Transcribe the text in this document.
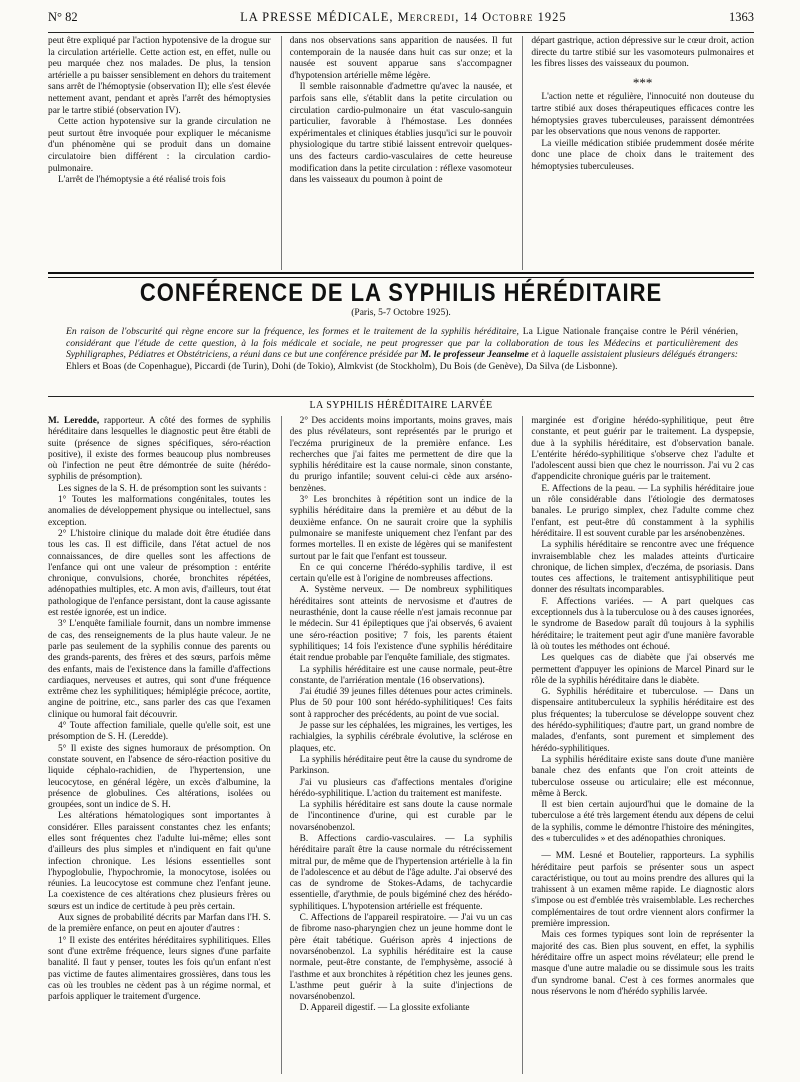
N° 82	LA PRESSE MÉDICALE, Mercredi, 14 Octobre 1925	1363

peut être expliqué par l'action hypotensive de la drogue sur la circulation artérielle. Cette action est, en effet, nulle ou peu marquée chez nos malades. De plus, la tension artérielle a pu baisser sensiblement en dehors du traitement sans arrêt de l'hémoptysie (observation II); elle s'est élevée nettement avant, pendant et après l'arrêt des hémoptysies par le tartre stibié (observation IV).

Cette action hypotensive sur la grande circulation ne peut surtout être invoquée pour expliquer le mécanisme d'un phénomène qui se produit dans un domaine circulatoire bien différent : la circulation cardio-pulmonaire.

L'arrêt de l'hémoptysie a été réalisé trois fois

dans nos observations sans apparition de nausées. Il fut contemporain de la nausée dans huit cas sur onze; et la nausée est souvent apparue sans s'accompagner d'hypotension artérielle même légère.

Il semble raisonnable d'admettre qu'avec la nausée, et parfois sans elle, s'établit dans la petite circulation ou circulation cardio-pulmonaire un état vasculo-sanguin particulier, favorable à l'hémostase. Les données expérimentales et cliniques établies jusqu'ici sur le pouvoir physiologique du tartre stibié laissent entrevoir quelques-uns des facteurs cardio-vasculaires de cette heureuse modification dans la petite circulation : réflexe vasomoteur dans les vaisseaux du poumon à point de

départ gastrique, action dépressive sur le cœur droit, action directe du tartre stibié sur les vasomoteurs pulmonaires et les fibres lisses des vaisseaux du poumon.

***

L'action nette et régulière, l'innocuité non douteuse du tartre stibié aux doses thérapeutiques efficaces contre les hémoptysies graves tuberculeuses, paraissent démontrées par les observations que nous venons de rapporter.

La vieille médication stibiée prudemment dosée mérite donc une place de choix dans le traitement des hémoptysies tuberculeuses.

CONFÉRENCE DE LA SYPHILIS HÉRÉDITAIRE
(Paris, 5-7 Octobre 1925).
En raison de l'obscurité qui règne encore sur la fréquence, les formes et le traitement de la syphilis héréditaire, La Ligue Nationale française contre le Péril vénérien, considérant que l'étude de cette question, à la fois médicale et sociale, ne peut progresser que par la collaboration de tous les Médecins et particulièrement des Syphiligraphes, Pédiatres et Obstétriciens, a réuni dans ce but une conférence présidée par M. le professeur Jeanselme et à laquelle assistaient plusieurs délégués étrangers: Ehlers et Boas (de Copenhague), Piccardi (de Turin), Dohi (de Tokio), Almkvist (de Stockholm), Du Bois (de Genève), Da Silva (de Lisbonne).
LA SYPHILIS HÉRÉDITAIRE LARVÉE

M. Leredde, rapporteur. A côté des formes de syphilis héréditaire dans lesquelles le diagnostic peut être établi de suite (présence de signes spécifiques, séro-réaction positive), il existe des formes beaucoup plus nombreuses où l'infection ne peut être démontrée de suite (hérédo-syphilis de présomption).

Les signes de la S. H. de présomption sont les suivants :

1° Toutes les malformations congénitales, toutes les anomalies de développement physique ou intellectuel, sans exception.

2° L'histoire clinique du malade doit être étudiée dans tous les cas. Il est difficile, dans l'état actuel de nos connaissances, de dire quelles sont les affections de l'enfance qui ont une valeur de présomption : entérite chronique, convulsions, chorée, bronchites répétées, adénopathies multiples, etc. A mon avis, d'ailleurs, tout état pathologique de l'enfance persistant, dont la cause agissante est restée ignorée, est un indice.

3° L'enquête familiale fournit, dans un nombre immense de cas, des renseignements de la plus haute valeur. Je ne parle pas seulement de la syphilis connue des parents ou des grands-parents, des frères et des sœurs, parfois même des enfants, mais de l'existence dans la famille d'affections cardiaques, nerveuses et autres, qui sont d'une fréquence extrême chez les syphilitiques; hémiplégie précoce, aortite, angine de poitrine, etc., sans parler des cas que l'examen clinique ou humoral fait découvrir.

4° Toute affection familiale, quelle qu'elle soit, est une présomption de S. H. (Leredde).

5° Il existe des signes humoraux de présomption. On constate souvent, en l'absence de séro-réaction positive du liquide céphalo-rachidien, de l'hypertension, une leucocytose, en général légère, un excès d'albumine, la présence de globulines. Ces altérations, isolées ou groupées, sont un indice de S. H.

Les altérations hématologiques sont importantes à considérer. Elles paraissent constantes chez les enfants; elles sont fréquentes chez l'adulte lui-même; elles sont d'ailleurs des plus simples et n'indiquent en fait qu'une infection chronique. Les lésions essentielles sont l'hypoglobulie, l'hypochromie, la monocytose, isolées ou réunies. La leucocytose est commune chez l'enfant jeune. La coexistence de ces altérations chez plusieurs frères ou sœurs est un indice de certitude à peu près certain.

Aux signes de probabilité décrits par Marfan dans l'H. S. de la première enfance, on peut en ajouter d'autres :

1° Il existe des entérites héréditaires syphilitiques. Elles sont d'une extrême fréquence, leurs signes d'une parfaite banalité. Il faut y penser, toutes les fois qu'un enfant n'est pas victime de fautes alimentaires grossières, dans tous les cas où les troubles ne cèdent pas à un régime normal, et parfois appliquer le traitement d'urgence.

2° Des accidents moins importants, moins graves, mais des plus révélateurs, sont représentés par le prurigo et l'eczéma prurigineux de la première enfance. Les recherches que j'ai faites me permettent de dire que la syphilis héréditaire est la cause normale, sinon constante, du prurigo infantile; souvent celui-ci cède aux arséno-benzènes.

3° Les bronchites à répétition sont un indice de la syphilis héréditaire dans la première et au début de la deuxième enfance. On ne saurait croire que la syphilis pulmonaire se manifeste uniquement chez l'enfant par des formes mortelles. Il en existe de légères qui se manifestent surtout par le fait que l'enfant est tousseur.

En ce qui concerne l'hérédo-syphilis tardive, il est certain qu'elle est à l'origine de nombreuses affections.

A. Système nerveux. — De nombreux syphilitiques héréditaires sont atteints de nervosisme et d'autres de neurasthénie, dont la cause réelle n'est jamais reconnue par le médecin. Sur 41 épileptiques que j'ai observés, 6 avaient une séro-réaction positive; 7 fois, les parents étaient syphilitiques; 14 fois l'existence d'une syphilis héréditaire était rendue probable par l'enquête familiale, des stigmates.

La syphilis héréditaire est une cause normale, peut-être constante, de l'arriération mentale (16 observations).

J'ai étudié 39 jeunes filles détenues pour actes criminels. Plus de 50 pour 100 sont hérédo-syphilitiques! Ces faits sont à rapprocher des précédents, au point de vue social.

Je passe sur les céphalées, les migraines, les vertiges, les rachialgies, la syphilis cérébrale évolutive, la sclérose en plaques, etc.

La syphilis héréditaire peut être la cause du syndrome de Parkinson.

J'ai vu plusieurs cas d'affections mentales d'origine hérédo-syphilitique. L'action du traitement est manifeste.

La syphilis héréditaire est sans doute la cause normale de l'incontinence d'urine, qui est curable par le novarsénobenzol.

B. Affections cardio-vasculaires. — La syphilis héréditaire paraît être la cause normale du rétrécissement mitral pur, de même que de l'hypertension artérielle à la fin de l'adolescence et au début de l'âge adulte. J'ai observé des cas de syndrome de Stokes-Adams, de tachycardie essentielle, d'arythmie, de pouls bigéminé chez des hérédo-syphilitiques. L'hypotension artérielle est fréquente.

C. Affections de l'appareil respiratoire. — J'ai vu un cas de fibrome naso-pharyngien chez un jeune homme dont le père était tabétique. Guérison après 4 injections de novarsénobenzol. La syphilis héréditaire est la cause normale, peut-être constante, de l'emphysème, associé à l'asthme et aux bronchites à répétition chez les jeunes gens. L'asthme peut guérir à la suite d'injections de novarsénobenzol.

D. Appareil digestif. — La glossite exfoliante

marginée est d'origine hérédo-syphilitique, peut être constante, et peut guérir par le traitement. La dyspepsie, due à la syphilis héréditaire, est d'observation banale. L'entérite hérédo-syphilitique s'observe chez l'adulte et l'adolescent aussi bien que chez le nourrisson. J'ai vu 2 cas d'appendicite chronique guéris par le traitement.

E. Affections de la peau. — La syphilis héréditaire joue un rôle considérable dans l'étiologie des dermatoses banales. Le prurigo simplex, chez l'adulte comme chez l'enfant, est peut-être dû constamment à la syphilis héréditaire. Il est souvent curable par les arsénobenzènes.

La syphilis héréditaire se rencontre avec une fréquence invraisemblable chez les malades atteints d'urticaire chronique, de lichen simplex, d'eczéma, de psoriasis. Dans toutes ces affections, le traitement antisyphilitique peut donner des résultats incomparables.

F. Affections variées. — A part quelques cas exceptionnels dus à la tuberculose ou à des causes ignorées, le syndrome de Basedow paraît dû toujours à la syphilis héréditaire; le traitement peut agir d'une manière favorable là où toutes les méthodes ont échoué.

Les quelques cas de diabète que j'ai observés me permettent d'appuyer les opinions de Marcel Pinard sur le rôle de la syphilis héréditaire dans le diabète.

G. Syphilis héréditaire et tuberculose. — Dans un dispensaire antituberculeux la syphilis héréditaire est des plus fréquentes; la tuberculose se développe souvent chez des hérédo-syphilitiques; d'autre part, un grand nombre de malades, d'enfants, sont purement et simplement des hérédo-syphilitiques.

La syphilis héréditaire existe sans doute d'une manière banale chez des enfants que l'on croit atteints de tuberculose osseuse ou articulaire; elle est méconnue, même à Berck.

Il est bien certain aujourd'hui que le domaine de la tuberculose a été très largement étendu aux dépens de celui de la syphilis, comme le démontre l'histoire des méningites, des « tuberculides » et des adénopathies chroniques.

— MM. Lesné et Boutelier, rapporteurs. La syphilis héréditaire peut parfois se présenter sous un aspect caractéristique, ou tout au moins prendre des allures qui la trahissent à un examen même rapide. Le diagnostic alors s'impose ou est d'emblée très vraisemblable. Les recherches complémentaires de tout ordre viennent alors confirmer la première impression.

Mais ces formes typiques sont loin de représenter la majorité des cas. Bien plus souvent, en effet, la syphilis héréditaire offre un aspect moins révélateur; elle prend le masque d'une autre maladie ou se dissimule sous les traits d'un syndrome banal. C'est à ces formes anormales que nous réservons le nom d'hérédo syphilis larvée.
